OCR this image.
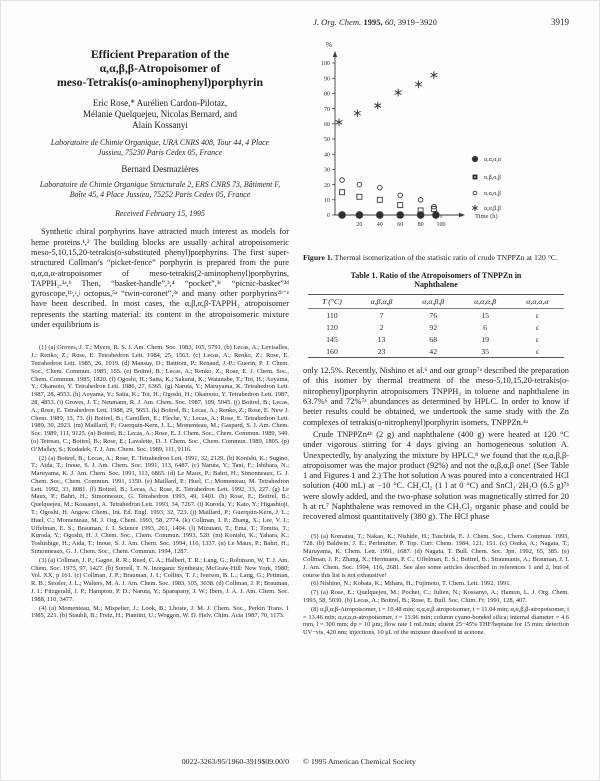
J. Org. Chem. 1995, 60, 3919−3920	3919
Efficient Preparation of the
α,α,β,β-Atropoisomer of
meso-Tetrakis(o-aminophenyl)porphyrin
Eric Rose,* Aurélien Cardon-Pilotaz,
Mélanie Quelquejeu, Nicolas Bernard, and
Alain Kossanyi
Laboratoire de Chimie Organique, URA CNRS 408, Tour 44, 4 Place Jussieu, 75230 Paris Cedex 05, France
Bernard Desmazières
Laboratoire de Chimie Organique Structurale 2, ERS CNRS 73, Bâtiment F, Boîte 45, 4 Place Jussieu, 75252 Paris Cedex 05, France
Received February 15, 1995

Synthetic chiral porphyrins have attracted much interest as models for heme proteins.¹,² The building blocks are usually achiral atropoisomeric meso-5,10,15,20-tetrakis(o-substituted phenyl)porphyrins. The first super-structured Collman’s “picket-fence” porphyrin is prepared from the pure α,α,α,α-atropoisomer of meso-tetrakis(2-aminophenyl)porphyrins, TAPPH₂.³ᵃ,ᵇ Then, “basket-handle”,³,⁴ “pocket”,³ᶜ “picnic-basket”³ᵈ gyroscope,¹ᵇ,ᶜ,ʲ octopus,⁵ᵃ “twin-coronet”,³ᵉ and many other porphyrins²ᵇ⁻ᵉ have been described. In most cases, the α,β,α,β-TAPPH₂ atropoisomer represents the starting material: its content in the atropoisomeric mixture under equilibrium is

(1) (a) Groves, J. T.; Myers, R. S. J. Am. Chem. Soc. 1983, 105, 5791. (b) Lecas, A.; Levisalles, J.; Renko, Z.; Rose, E. Tetrahedron Lett. 1984, 25, 1563. (c) Lecas, A.; Renko, Z.; Rose, E. Tetrahedron Lett. 1985, 26, 1019. (d) Mansuy, D.; Battioni, P.; Renaud, J.-P.; Guerin, P. J. Chem. Soc., Chem. Commun. 1985, 155. (e) Boitrel, B.; Lecas, A.; Renko, Z.; Rose, E. J. Chem. Soc., Chem. Commun. 1985, 1820. (f) Ogoshi, H.; Saita, K.; Sakurai, K.; Watanabe, T.; Toi, H.; Aoyama, Y.; Okamoto, Y. Tetrahedron Lett. 1986, 27, 6365. (g) Naruta, Y.; Maruyama, K. Tetrahedron Lett. 1987, 28, 4553. (h) Aoyama, Y.; Saita, K.; Toi, H.; Ogoshi, H.; Okamoto, Y. Tetrahedron Lett. 1987, 28, 4853. (i) Groves, J. T.; Neumann, R. J. Am. Chem. Soc. 1987, 109, 5045. (j) Boitrel, B.; Lecas, A.; Rose, E. Tetrahedron Lett. 1988, 29, 5653. (k) Boitrel, B.; Lecas, A.; Renko, Z.; Rose, E. New J. Chem. 1989, 13, 73. (l) Boitrel, B.; Camilleri, E.; Fleche, Y.; Lecas, A.; Rose, E. Tetrahedron Lett. 1989, 30, 2923. (m) Maillard, P.; Guerquin-Kern, J. L.; Momenteau, M.; Gaspard, S. J. Am. Chem. Soc. 1989, 111, 9125. (n) Boitrel, B.; Lecas, A.; Rose, E. J. Chem. Soc., Chem. Commun. 1989, 349. (o) Tetreau, C.; Boitrel, B.; Rose, E.; Lavalette, D. J. Chem. Soc., Chem. Commun. 1989, 1805. (p) O’Malley, S.; Kodadek, T. J. Am. Chem. Soc. 1989, 111, 9116.

(2) (a) Boitrel, B.; Lecas, A.; Rose, E. Tetrahedron Lett. 1991, 32, 2129. (b) Konishi, K.; Sugino, T.; Aida, T.; Inoue, S. J. Am. Chem. Soc. 1991, 113, 6487. (c) Naruta, Y.; Tani, F.; Ishihara, N.; Maruyama, K. J. Am. Chem. Soc. 1991, 113, 6865. (d) Le Maux, P.; Bahri, H.; Simonneaux, G. J. Chem. Soc., Chem. Commun. 1991, 1350. (e) Maillard, P.; Huel, C.; Momenteau, M. Tetrahedron Lett. 1992, 33, 8081. (f) Boitrel, B.; Lecas, A.; Rose, E. Tetrahedron Lett. 1992, 33, 227. (g) Le Maux, P.; Bahri, H.; Simonneaux, G. Tetrahedron 1993, 49, 1401. (h) Rose, E.; Boitrel, B.; Quelquejeu, M.; Kossanyi, A. Tetrahedron Lett. 1993, 34, 7267. (i) Kuroda, Y.; Kato, Y.; Higashioji, T.; Ogoshi, H. Angew. Chem., Int. Ed. Engl. 1993, 32, 723. (j) Maillard, P.; Guerquin-Kern, J. L.; Huel, C.; Momenteau, M. J. Org. Chem. 1993, 58, 2774. (k) Collman, J. P.; Zhang, X.; Lee, V. J.; Uffelman, E. S.; Brauman, J. I. Science 1993, 261, 1404. (l) Mizutani, T.; Ema, T.; Tomita, T.; Kuroda, Y.; Ogoshi, H. J. Chem. Soc., Chem. Commun. 1993, 520. (m) Konishi, K.; Yahara, K.; Toshishige, H.; Aida, T.; Inoue, S. J. Am. Chem. Soc. 1994, 116, 1337. (n) Le Maux, P.; Bahri, H.; Simonneaux, G. J. Chem. Soc., Chem. Commun. 1994, 1287.

(3) (a) Collman, J. P.; Gagne, R. R.; Reed, C. A.; Halbert, T. R.; Lang, G.; Robinson, W. T. J. Am. Chem. Soc. 1975, 97, 1427. (b) Sorrell, T. N. Inorganic Synthesis; McGraw-Hill: New York, 1980; Vol. XX, p 161. (c) Collman, J. P.; Brauman, J. I.; Collins, T. J.; Iverson, B. L.; Lang, G.; Pettman, R. B.; Sessler, J. L.; Walters, M. A. J. Am. Chem. Soc. 1983, 105, 3038. (d) Collman, J. P.; Brauman, J. I.; Fitzgerald, J. P.; Hampton, P. D.; Naruta, Y.; Sparapany, J. W.; Ibers, J. A. J. Am. Chem. Soc. 1988, 110, 3477.

(4) (a) Momenteau, M.; Mispelter, J.; Look, B.; Lhoste, J. M. J. Chem. Soc., Perkin Trans. 1 1985, 221. (b) Staubli, B.; Fretz, H.; Piantini, U.; Woggon, W. D. Helv. Chim. Acta 1987, 70, 1173.

0022-3263/95/1960-3919$09.00/0
0
10
20
30
40
50
60
70
80
90
100
20 40 60 80 100
%
Time (h)
α,α,α,α
α,β,α,β
α,α,α,β
α,α,β,β
Figure 1. Thermal isomerization of the statistic ratio of crude TNPPZn at 120 °C.
Table 1. Ratio of the Atropoisomers of TNPPZn in
Naphthalene
T (°C)	α,β,α,β	α,α,β,β	α,α,α,β	α,α,α,α
110	7	76	15	ε
120	2	92	6	ε
145	13	68	19	ε
160	23	42	35	ε

only 12.5%. Recently, Nishino et al.⁶ and our group⁷ᵃ described the preparation of this isomer by thermal treatment of the meso-5,10,15,20-tetrakis(o-nitrophenyl)porphyrin atropoisomers TNPPH₂ in toluene and naphthalene in 63.7%⁶ and 72%⁷ᵃ abundances as determined by HPLC. In order to know if better results could be obtained, we undertook the same study with the Zn complexes of tetrakis(o-nitrophenyl)porphyrin isomers, TNPPZn.⁴ᵃ

Crude TNPPZn⁴ᵇ (2 g) and naphthalene (400 g) were heated at 120 °C under vigorous stirring for 4 days giving an homogeneous solution A. Unexpectedly, by analyzing the mixture by HPLC,⁸ we found that the α,α,β,β-atropoisomer was the major product (92%) and not the α,β,α,β one! (See Table 1 and Figures 1 and 2.) The hot solution A was poured into a concentrated HCl solution (400 mL) at −10 °C. CH₂Cl₂ (1 l at 0 °C) and SnCl₂·2H₂O (6.5 g)⁷ᵇ were slowly added, and the two-phase solution was magnetically stirred for 20 h at rt.⁷ Naphthalene was removed in the CH₂Cl₂ organic phase and could be recovered almost quantitatively (380 g). The HCl phase

(5) (a) Komatsu, T.; Nakao, K.; Nishide, H.; Tsuchida, E. J. Chem. Soc., Chem. Commun. 1993, 728. (b) Baldwin, J. E.; Perlmutter, P. Top. Curr. Chem. 1984, 121, 151. (c) Osuka, A.; Nagata, T.; Maruyama, K. Chem. Lett. 1991, 1687. (d) Nagata, T. Bull. Chem. Soc. Jpn. 1992, 65, 385. (e) Collman, J. P.; Zhang, X.; Herrmann, P. C.; Uffelman, E. S.; Boitrel, B.; Straumanis, A.; Brauman, J. I. J. Am. Chem. Soc. 1994, 116, 2681. See also some articles described in references 1 and 2, but of course this list is not exhaustive!

(6) Nishino, N.; Kobata, K.; Mihara, H.; Fujimoto, T. Chem. Lett. 1992, 1991.

(7) (a) Rose, E.; Quelquejeu, M.; Pochet, C.; Julien, N.; Kossanyi, A.; Hamon, L. J. Org. Chem. 1993, 58, 5030. (b) Lecas, A.; Boitrel, B.; Rose, E. Bull. Soc. Chim. Fr. 1991, 128, 407.

(8) α,β,α,β-Atropoisomer, t = 10.48 min; α,α,α,β atropoisomer, t = 11.04 min; α,α,β,β-atropoisomer, t = 13.46 min; α,α,α,α-atropoisomer, t = 13.96 min; column cyano-bonded silica; internal diameter = 4.6 mm, l = 300 mm; dp = 10 μm; flow rate 1 mL/min; eluent 25−45% THF/heptane for 15 min; detection UV−vis, 420 nm; injections, 10 μL of the mixture dissolved in acetone.

© 1995 American Chemical Society
